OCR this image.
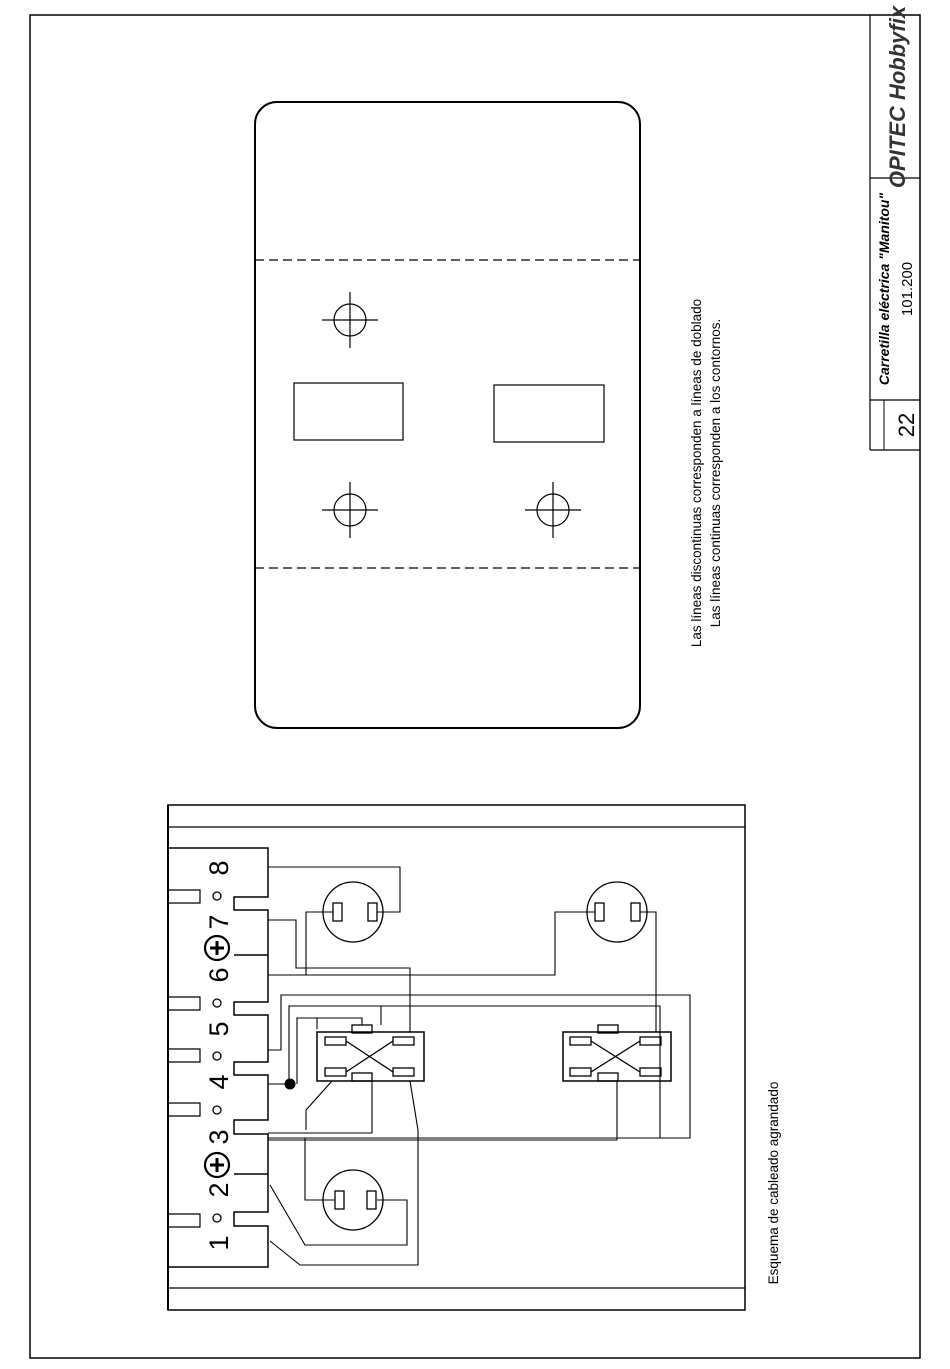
22
Carretilla eléctrica "Manitou" 101.200
OPITEC Hobbyfix
Las líneas discontinuas corresponden a líneas de doblado Las líneas continuas corresponden a los contornos.
1
2
3
4
5
6
7
8
Esquema de cableado agrandado
